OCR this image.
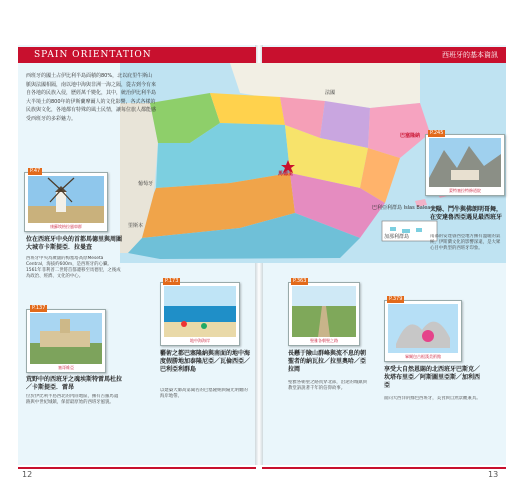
SPAIN ORIENTATION	西班牙的基本資訊
法國
葡萄牙
里斯本
馬德里
巴塞隆納
巴利亞利群島 Islas Baleares
加那利群島
西班牙的國土占伊比利半島面積的80%，北以庇里牛斯山脈與法國相隔，南以地中海與非洲一海之隔，從古到今有來自各地的民族入侵，歷經萬千變化，其中，統治伊比利半島大半境土的800年的伊斯蘭摩爾人的文化影響，各式各樣的民族與文化，各地都有特殊的風土民情，讓每位旅人都能感受西班牙的多彩魅力。
康蘇埃格拉風車群
P.47
位在西班牙中央的首都馬德里與周圍大城市卡斯提亞．拉曼查
西班牙中央為廣闊的梅塞塔高原Meseta Central，海拔約600m，是西班牙的心臟。1561年菲利普二世將首都遷移至馬德里，之後成為政治、經濟、文化的中心。
蒙特塞拉特修道院
P.245
太陽、鬥牛與佛朗明哥舞，在安達魯西亞遇見最西班牙
南部的安達魯西亞地方擁有溫暖的氣候，伊斯蘭文化的影響深遠，是大眾心目中典型的西班牙印象。
塞哥維亞
P.137
荒野中的西班牙之魂埃斯特雷馬杜拉／卡斯提亞．雷昂
位於伊比利半島西北的內陸地區，擁有古羅馬遺跡與中世紀城鎮，保留最原始的西班牙風貌。
地中海海岸
P.173
藝術之都巴塞隆納與南面的地中海度假勝地加泰隆尼亞／瓦倫西亞／巴利亞利群島
以建築大師高第聞名的巴塞隆納與陽光明媚的海岸地帶。
聖雅各朝聖之路
P.363
長懸于險山群峰與流不息的朝聖者的納瓦拉／拉里奧哈／亞拉岡
聖雅各朝聖之路貫穿北部，沿途的城鎮與教堂訴說著千年的信仰故事。
畢爾包古根漢美術館
P.379
享受大自然恩賜的北西班牙巴斯克／坎塔布里亞／阿斯圖里亞斯／加利西亞
面向大西洋的綠色西班牙，美食與自然景觀兼具。
12	13
